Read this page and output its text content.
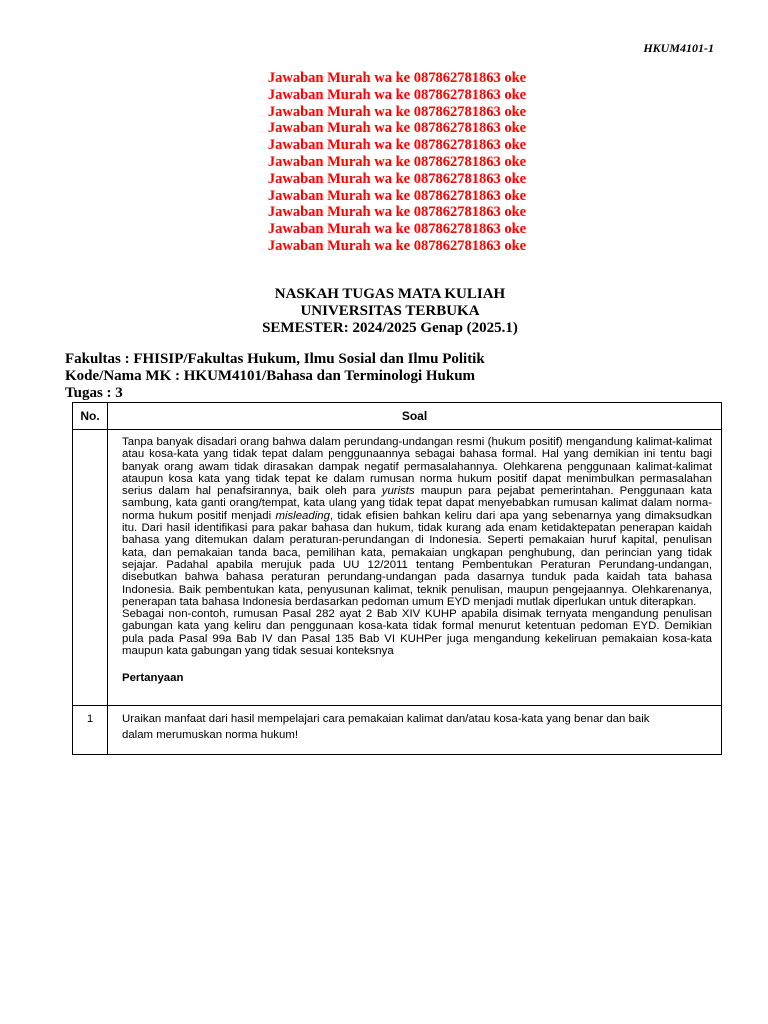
HKUM4101-1
Jawaban Murah wa ke 087862781863 oke
Jawaban Murah wa ke 087862781863 oke
Jawaban Murah wa ke 087862781863 oke
Jawaban Murah wa ke 087862781863 oke
Jawaban Murah wa ke 087862781863 oke
Jawaban Murah wa ke 087862781863 oke
Jawaban Murah wa ke 087862781863 oke
Jawaban Murah wa ke 087862781863 oke
Jawaban Murah wa ke 087862781863 oke
Jawaban Murah wa ke 087862781863 oke
Jawaban Murah wa ke 087862781863 oke
NASKAH TUGAS MATA KULIAH
UNIVERSITAS TERBUKA
SEMESTER: 2024/2025 Genap (2025.1)
Fakultas : FHISIP/Fakultas Hukum, Ilmu Sosial dan Ilmu Politik
Kode/Nama MK : HKUM4101/Bahasa dan Terminologi Hukum
Tugas : 3
No.	Soal

	Tanpa banyak disadari orang bahwa dalam perundang-undangan resmi (hukum positif) mengandung kalimat-kalimat atau kosa-kata yang tidak tepat dalam penggunaannya sebagai bahasa formal. Hal yang demikian ini tentu bagi banyak orang awam tidak dirasakan dampak negatif permasalahannya. Olehkarena penggunaan kalimat-kalimat ataupun kosa kata yang tidak tepat ke dalam rumusan norma hukum positif dapat menimbulkan permasalahan serius dalam hal penafsirannya, baik oleh para yurists maupun para pejabat pemerintahan. Penggunaan kata sambung, kata ganti orang/tempat, kata ulang yang tidak tepat dapat menyebabkan rumusan kalimat dalam norma-norma hukum positif menjadi misleading, tidak efisien bahkan keliru dari apa yang sebenarnya yang dimaksudkan itu. Dari hasil identifikasi para pakar bahasa dan hukum, tidak kurang ada enam ketidaktepatan penerapan kaidah bahasa yang ditemukan dalam peraturan-perundangan di Indonesia. Seperti pemakaian huruf kapital, penulisan kata, dan pemakaian tanda baca, pemilihan kata, pemakaian ungkapan penghubung, dan perincian yang tidak sejajar. Padahal apabila merujuk pada UU 12/2011 tentang Pembentukan Peraturan Perundang-undangan, disebutkan bahwa bahasa peraturan perundang-undangan pada dasarnya tunduk pada kaidah tata bahasa Indonesia. Baik pembentukan kata, penyusunan kalimat, teknik penulisan, maupun pengejaannya. Olehkarenanya, penerapan tata bahasa Indonesia berdasarkan pedoman umum EYD menjadi mutlak diperlukan untuk diterapkan.

Sebagai non-contoh, rumusan Pasal 282 ayat 2 Bab XIV KUHP apabila disimak ternyata mengandung penulisan gabungan kata yang keliru dan penggunaan kosa-kata tidak formal menurut ketentuan pedoman EYD. Demikian pula pada Pasal 99a Bab IV dan Pasal 135 Bab VI KUHPer juga mengandung kekeliruan pemakaian kosa-kata maupun kata gabungan yang tidak sesuai konteksnya

Pertanyaan

1	Uraikan manfaat dari hasil mempelajari cara pemakaian kalimat dan/atau kosa-kata yang benar dan baik
dalam merumuskan norma hukum!
